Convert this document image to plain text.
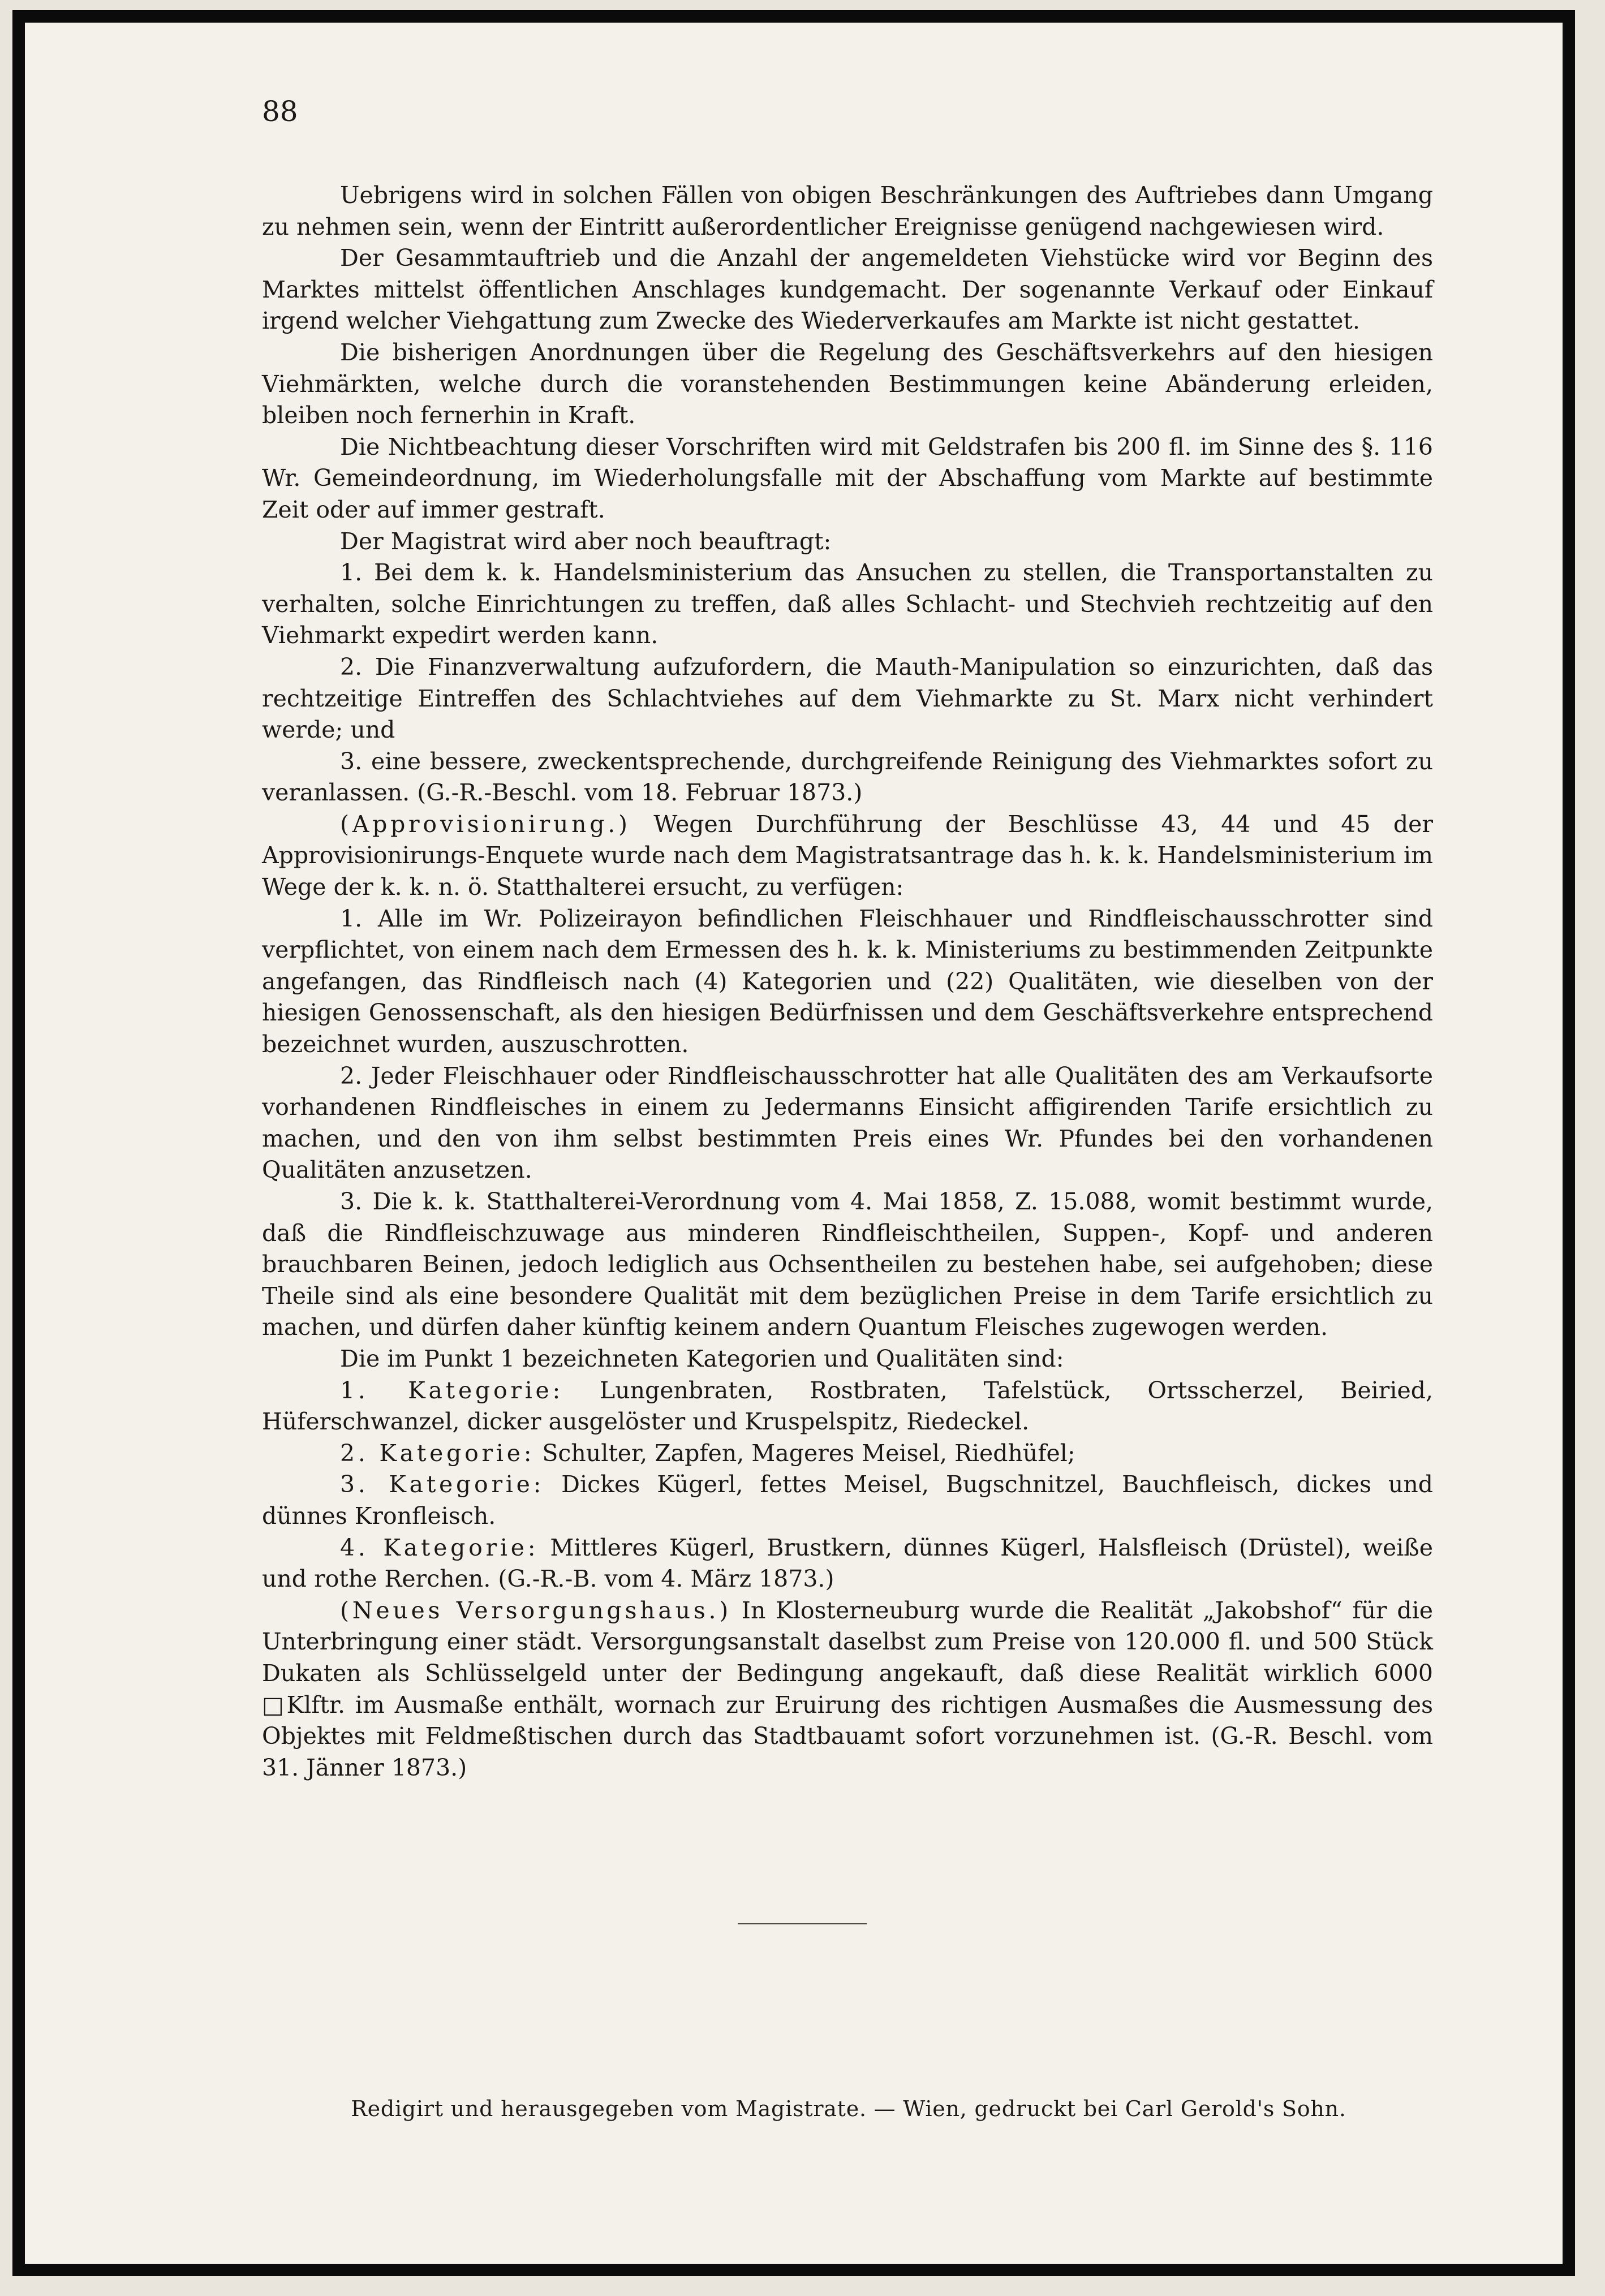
88

Uebrigens wird in solchen Fällen von obigen Beschränkungen des Auftriebes dann Umgang zu nehmen sein, wenn der Eintritt außerordentlicher Ereignisse genügend nachgewiesen wird.

Der Gesammtauftrieb und die Anzahl der angemeldeten Viehstücke wird vor Beginn des Marktes mittelst öffentlichen Anschlages kundgemacht. Der sogenannte Verkauf oder Einkauf irgend welcher Viehgattung zum Zwecke des Wiederverkaufes am Markte ist nicht gestattet.

Die bisherigen Anordnungen über die Regelung des Geschäftsverkehrs auf den hiesigen Viehmärkten, welche durch die voranstehenden Bestimmungen keine Abänderung erleiden, bleiben noch fernerhin in Kraft.

Die Nichtbeachtung dieser Vorschriften wird mit Geldstrafen bis 200 fl. im Sinne des §. 116 Wr. Gemeindeordnung, im Wiederholungsfalle mit der Abschaffung vom Markte auf bestimmte Zeit oder auf immer gestraft.

Der Magistrat wird aber noch beauftragt:

1. Bei dem k. k. Handelsministerium das Ansuchen zu stellen, die Transportanstalten zu verhalten, solche Einrichtungen zu treffen, daß alles Schlacht- und Stechvieh rechtzeitig auf den Viehmarkt expedirt werden kann.

2. Die Finanzverwaltung aufzufordern, die Mauth-Manipulation so einzurichten, daß das rechtzeitige Eintreffen des Schlachtviehes auf dem Viehmarkte zu St. Marx nicht verhindert werde; und

3. eine bessere, zweckentsprechende, durchgreifende Reinigung des Viehmarktes sofort zu veranlassen. (G.-R.-Beschl. vom 18. Februar 1873.)

(Approvisionirung.) Wegen Durchführung der Beschlüsse 43, 44 und 45 der Approvisionirungs-Enquete wurde nach dem Magistratsantrage das h. k. k. Handelsministerium im Wege der k. k. n. ö. Statthalterei ersucht, zu verfügen:

1. Alle im Wr. Polizeirayon befindlichen Fleischhauer und Rindfleischausschrotter sind verpflichtet, von einem nach dem Ermessen des h. k. k. Ministeriums zu bestimmenden Zeitpunkte angefangen, das Rindfleisch nach (4) Kategorien und (22) Qualitäten, wie dieselben von der hiesigen Genossenschaft, als den hiesigen Bedürfnissen und dem Geschäftsverkehre entsprechend bezeichnet wurden, auszuschrotten.

2. Jeder Fleischhauer oder Rindfleischausschrotter hat alle Qualitäten des am Verkaufsorte vorhandenen Rindfleisches in einem zu Jedermanns Einsicht affigirenden Tarife ersichtlich zu machen, und den von ihm selbst bestimmten Preis eines Wr. Pfundes bei den vorhandenen Qualitäten anzusetzen.

3. Die k. k. Statthalterei-Verordnung vom 4. Mai 1858, Z. 15.088, womit bestimmt wurde, daß die Rindfleischzuwage aus minderen Rindfleischtheilen, Suppen-, Kopf- und anderen brauchbaren Beinen, jedoch lediglich aus Ochsentheilen zu bestehen habe, sei aufgehoben; diese Theile sind als eine besondere Qualität mit dem bezüglichen Preise in dem Tarife ersichtlich zu machen, und dürfen daher künftig keinem andern Quantum Fleisches zugewogen werden.

Die im Punkt 1 bezeichneten Kategorien und Qualitäten sind:

1. Kategorie: Lungenbraten, Rostbraten, Tafelstück, Ortsscherzel, Beiried, Hüferschwanzel, dicker ausgelöster und Kruspelspitz, Riedeckel.

2. Kategorie: Schulter, Zapfen, Mageres Meisel, Riedhüfel;

3. Kategorie: Dickes Kügerl, fettes Meisel, Bugschnitzel, Bauchfleisch, dickes und dünnes Kronfleisch.

4. Kategorie: Mittleres Kügerl, Brustkern, dünnes Kügerl, Halsfleisch (Drüstel), weiße und rothe Rerchen. (G.-R.-B. vom 4. März 1873.)

(Neues Versorgungshaus.) In Klosterneuburg wurde die Realität „Jakobshof“ für die Unterbringung einer städt. Versorgungsanstalt daselbst zum Preise von 120.000 fl. und 500 Stück Dukaten als Schlüsselgeld unter der Bedingung angekauft, daß diese Realität wirklich 6000 □Klftr. im Ausmaße enthält, wornach zur Eruirung des richtigen Ausmaßes die Ausmessung des Objektes mit Feldmeßtischen durch das Stadtbauamt sofort vorzunehmen ist. (G.-R. Beschl. vom 31. Jänner 1873.)

Redigirt und herausgegeben vom Magistrate. — Wien, gedruckt bei Carl Gerold's Sohn.
